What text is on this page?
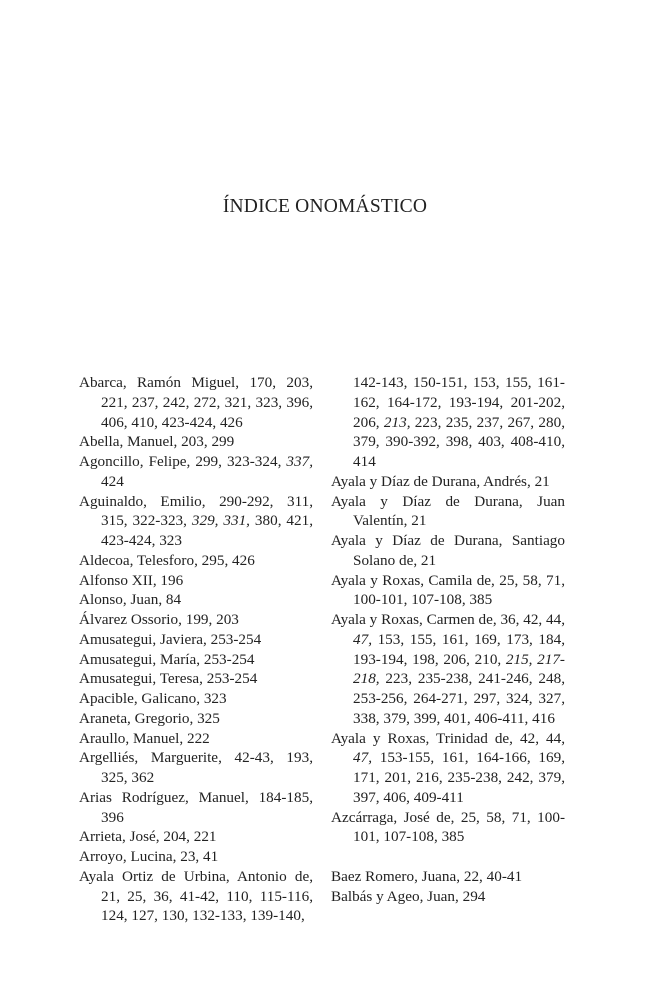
ÍNDICE ONOMÁSTICO
Abarca, Ramón Miguel, 170, 203, 221, 237, 242, 272, 321, 323, 396, 406, 410, 423-424, 426
Abella, Manuel, 203, 299
Agoncillo, Felipe, 299, 323-324, 337, 424
Aguinaldo, Emilio, 290-292, 311, 315, 322-323, 329, 331, 380, 421, 423-424, 323
Aldecoa, Telesforo, 295, 426
Alfonso XII, 196
Alonso, Juan, 84
Álvarez Ossorio, 199, 203
Amusategui, Javiera, 253-254
Amusategui, María, 253-254
Amusategui, Teresa, 253-254
Apacible, Galicano, 323
Araneta, Gregorio, 325
Araullo, Manuel, 222
Argelliés, Marguerite, 42-43, 193, 325, 362
Arias Rodríguez, Manuel, 184-185, 396
Arrieta, José, 204, 221
Arroyo, Lucina, 23, 41
Ayala Ortiz de Urbina, Antonio de, 21, 25, 36, 41-42, 110, 115-116, 124, 127, 130, 132-133, 139-140,
142-143, 150-151, 153, 155, 161-162, 164-172, 193-194, 201-202, 206, 213, 223, 235, 237, 267, 280, 379, 390-392, 398, 403, 408-410, 414
Ayala y Díaz de Durana, Andrés, 21
Ayala y Díaz de Durana, Juan Valentín, 21
Ayala y Díaz de Durana, Santiago Solano de, 21
Ayala y Roxas, Camila de, 25, 58, 71, 100-101, 107-108, 385
Ayala y Roxas, Carmen de, 36, 42, 44, 47, 153, 155, 161, 169, 173, 184, 193-194, 198, 206, 210, 215, 217-218, 223, 235-238, 241-246, 248, 253-256, 264-271, 297, 324, 327, 338, 379, 399, 401, 406-411, 416
Ayala y Roxas, Trinidad de, 42, 44, 47, 153-155, 161, 164-166, 169, 171, 201, 216, 235-238, 242, 379, 397, 406, 409-411
Azcárraga, José de, 25, 58, 71, 100-101, 107-108, 385
Baez Romero, Juana, 22, 40-41
Balbás y Ageo, Juan, 294
